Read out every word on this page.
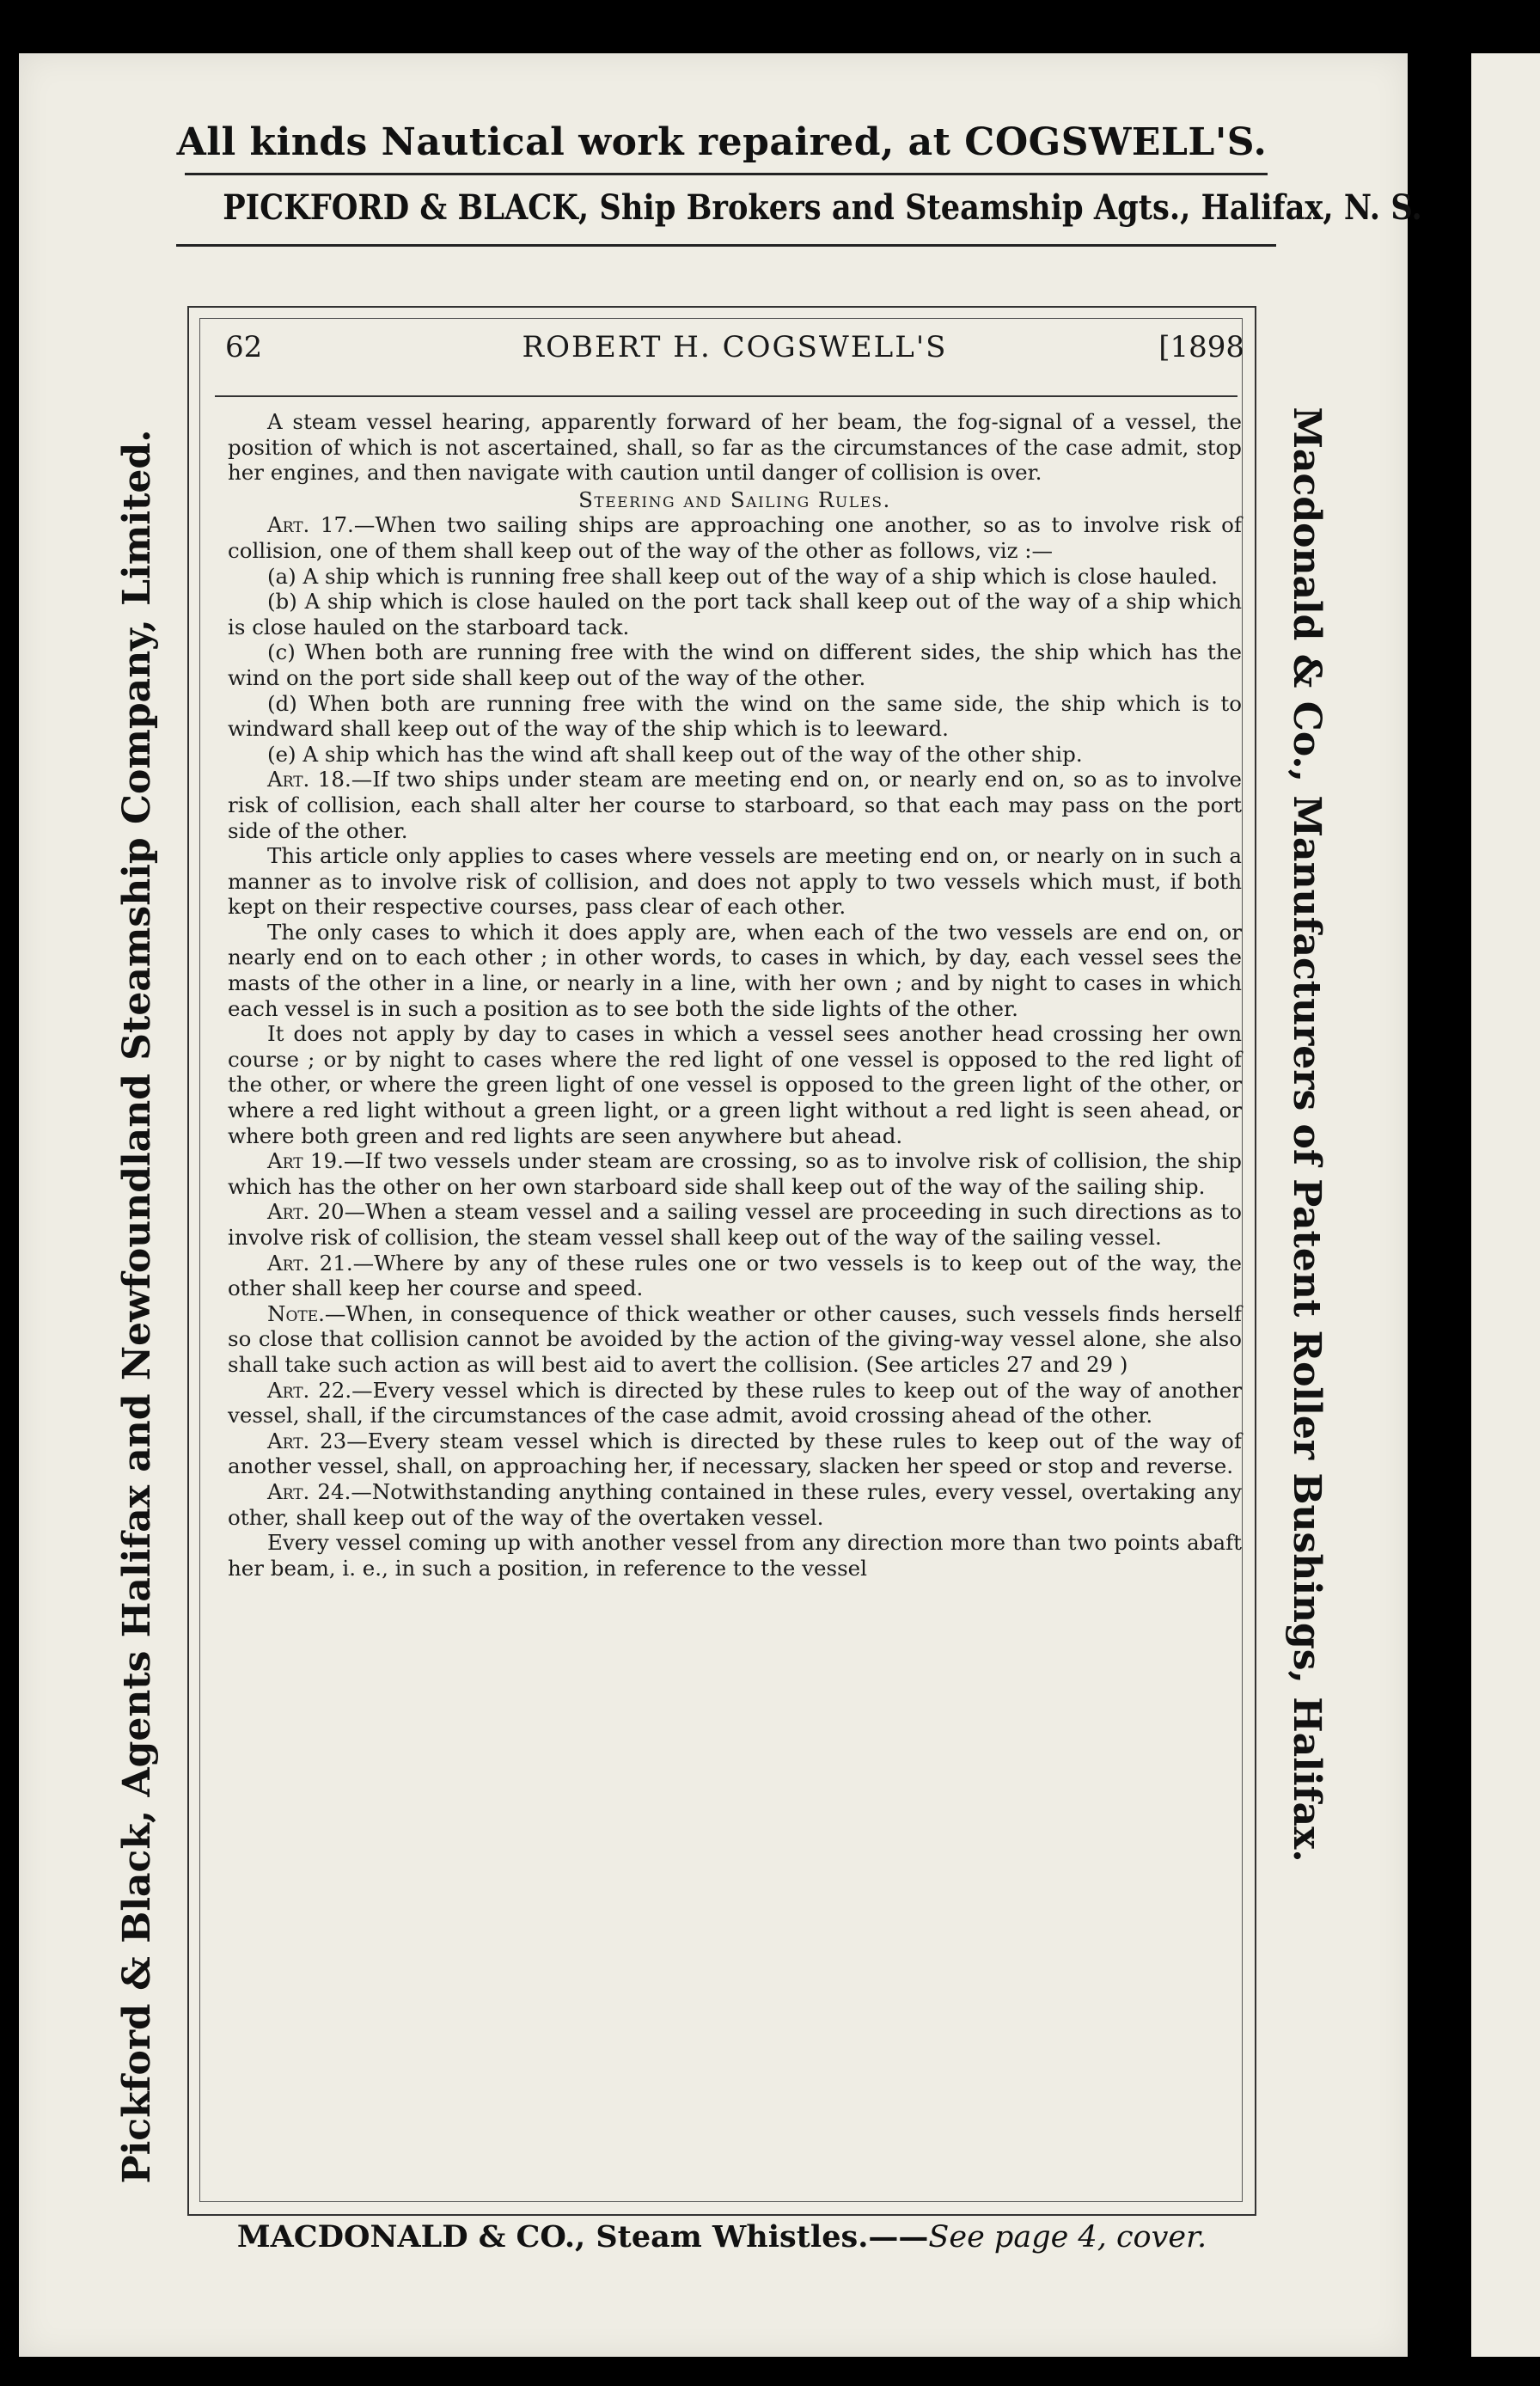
All kinds Nautical work repaired, at COGSWELL'S.
PICKFORD & BLACK, Ship Brokers and Steamship Agts., Halifax, N. S.
Pickford & Black, Agents Halifax and Newfoundland Steamship Company, Limited.	Macdonald & Co., Manufacturers of Patent Roller Bushings, Halifax.
62	ROBERT H. COGSWELL'S	[1898

A steam vessel hearing, apparently forward of her beam, the fog-signal of a vessel, the position of which is not ascertained, shall, so far as the circumstances of the case admit, stop her engines, and then navigate with caution until danger of collision is over.

Steering and Sailing Rules.

Art. 17.—When two sailing ships are approaching one another, so as to involve risk of collision, one of them shall keep out of the way of the other as follows, viz :—

(a) A ship which is running free shall keep out of the way of a ship which is close hauled.

(b) A ship which is close hauled on the port tack shall keep out of the way of a ship which is close hauled on the starboard tack.

(c) When both are running free with the wind on different sides, the ship which has the wind on the port side shall keep out of the way of the other.

(d) When both are running free with the wind on the same side, the ship which is to windward shall keep out of the way of the ship which is to leeward.

(e) A ship which has the wind aft shall keep out of the way of the other ship.

Art. 18.—If two ships under steam are meeting end on, or nearly end on, so as to involve risk of collision, each shall alter her course to starboard, so that each may pass on the port side of the other.

This article only applies to cases where vessels are meeting end on, or nearly on in such a manner as to involve risk of collision, and does not apply to two vessels which must, if both kept on their respective courses, pass clear of each other.

The only cases to which it does apply are, when each of the two vessels are end on, or nearly end on to each other ; in other words, to cases in which, by day, each vessel sees the masts of the other in a line, or nearly in a line, with her own ; and by night to cases in which each vessel is in such a position as to see both the side lights of the other.

It does not apply by day to cases in which a vessel sees another head crossing her own course ; or by night to cases where the red light of one vessel is opposed to the red light of the other, or where the green light of one vessel is opposed to the green light of the other, or where a red light without a green light, or a green light without a red light is seen ahead, or where both green and red lights are seen anywhere but ahead.

Art 19.—If two vessels under steam are crossing, so as to involve risk of collision, the ship which has the other on her own starboard side shall keep out of the way of the sailing ship.

Art. 20—When a steam vessel and a sailing vessel are proceeding in such directions as to involve risk of collision, the steam vessel shall keep out of the way of the sailing vessel.

Art. 21.—Where by any of these rules one or two vessels is to keep out of the way, the other shall keep her course and speed.

Note.—When, in consequence of thick weather or other causes, such vessels finds herself so close that collision cannot be avoided by the action of the giving-way vessel alone, she also shall take such action as will best aid to avert the collision. (See articles 27 and 29 )

Art. 22.—Every vessel which is directed by these rules to keep out of the way of another vessel, shall, if the circumstances of the case admit, avoid crossing ahead of the other.

Art. 23—Every steam vessel which is directed by these rules to keep out of the way of another vessel, shall, on approaching her, if necessary, slacken her speed or stop and reverse.

Art. 24.—Notwithstanding anything contained in these rules, every vessel, overtaking any other, shall keep out of the way of the overtaken vessel.

Every vessel coming up with another vessel from any direction more than two points abaft her beam, i. e., in such a position, in reference to the vessel

MACDONALD & CO., Steam Whistles.——See page 4, cover.
